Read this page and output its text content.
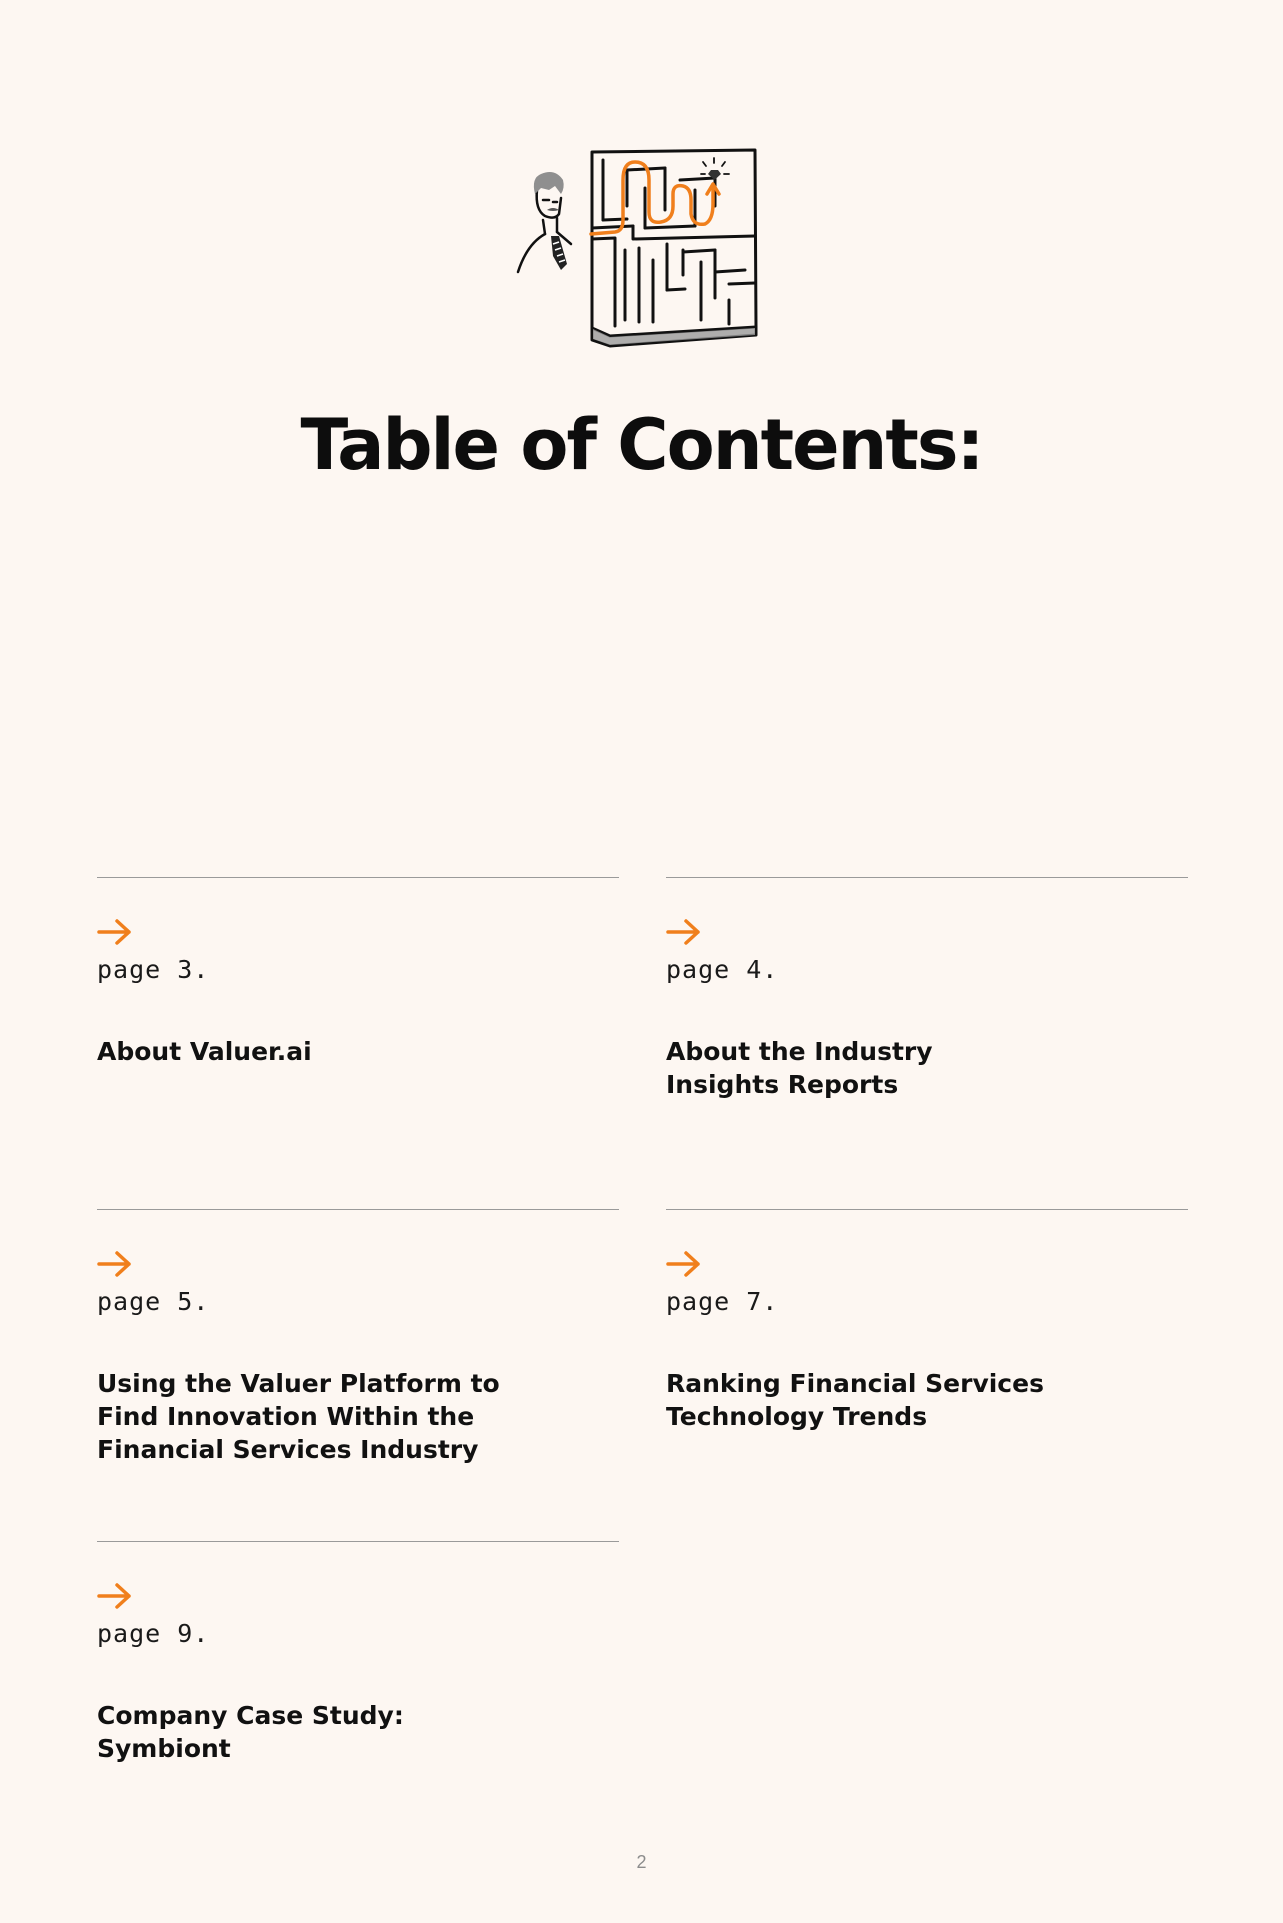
Table of Contents:
page 3.
About Valuer.ai
page 4.
About the Industry
Insights Reports
page 5.
Using the Valuer Platform to
Find Innovation Within the
Financial Services Industry
page 7.
Ranking Financial Services
Technology Trends
page 9.
Company Case Study:
Symbiont
2
